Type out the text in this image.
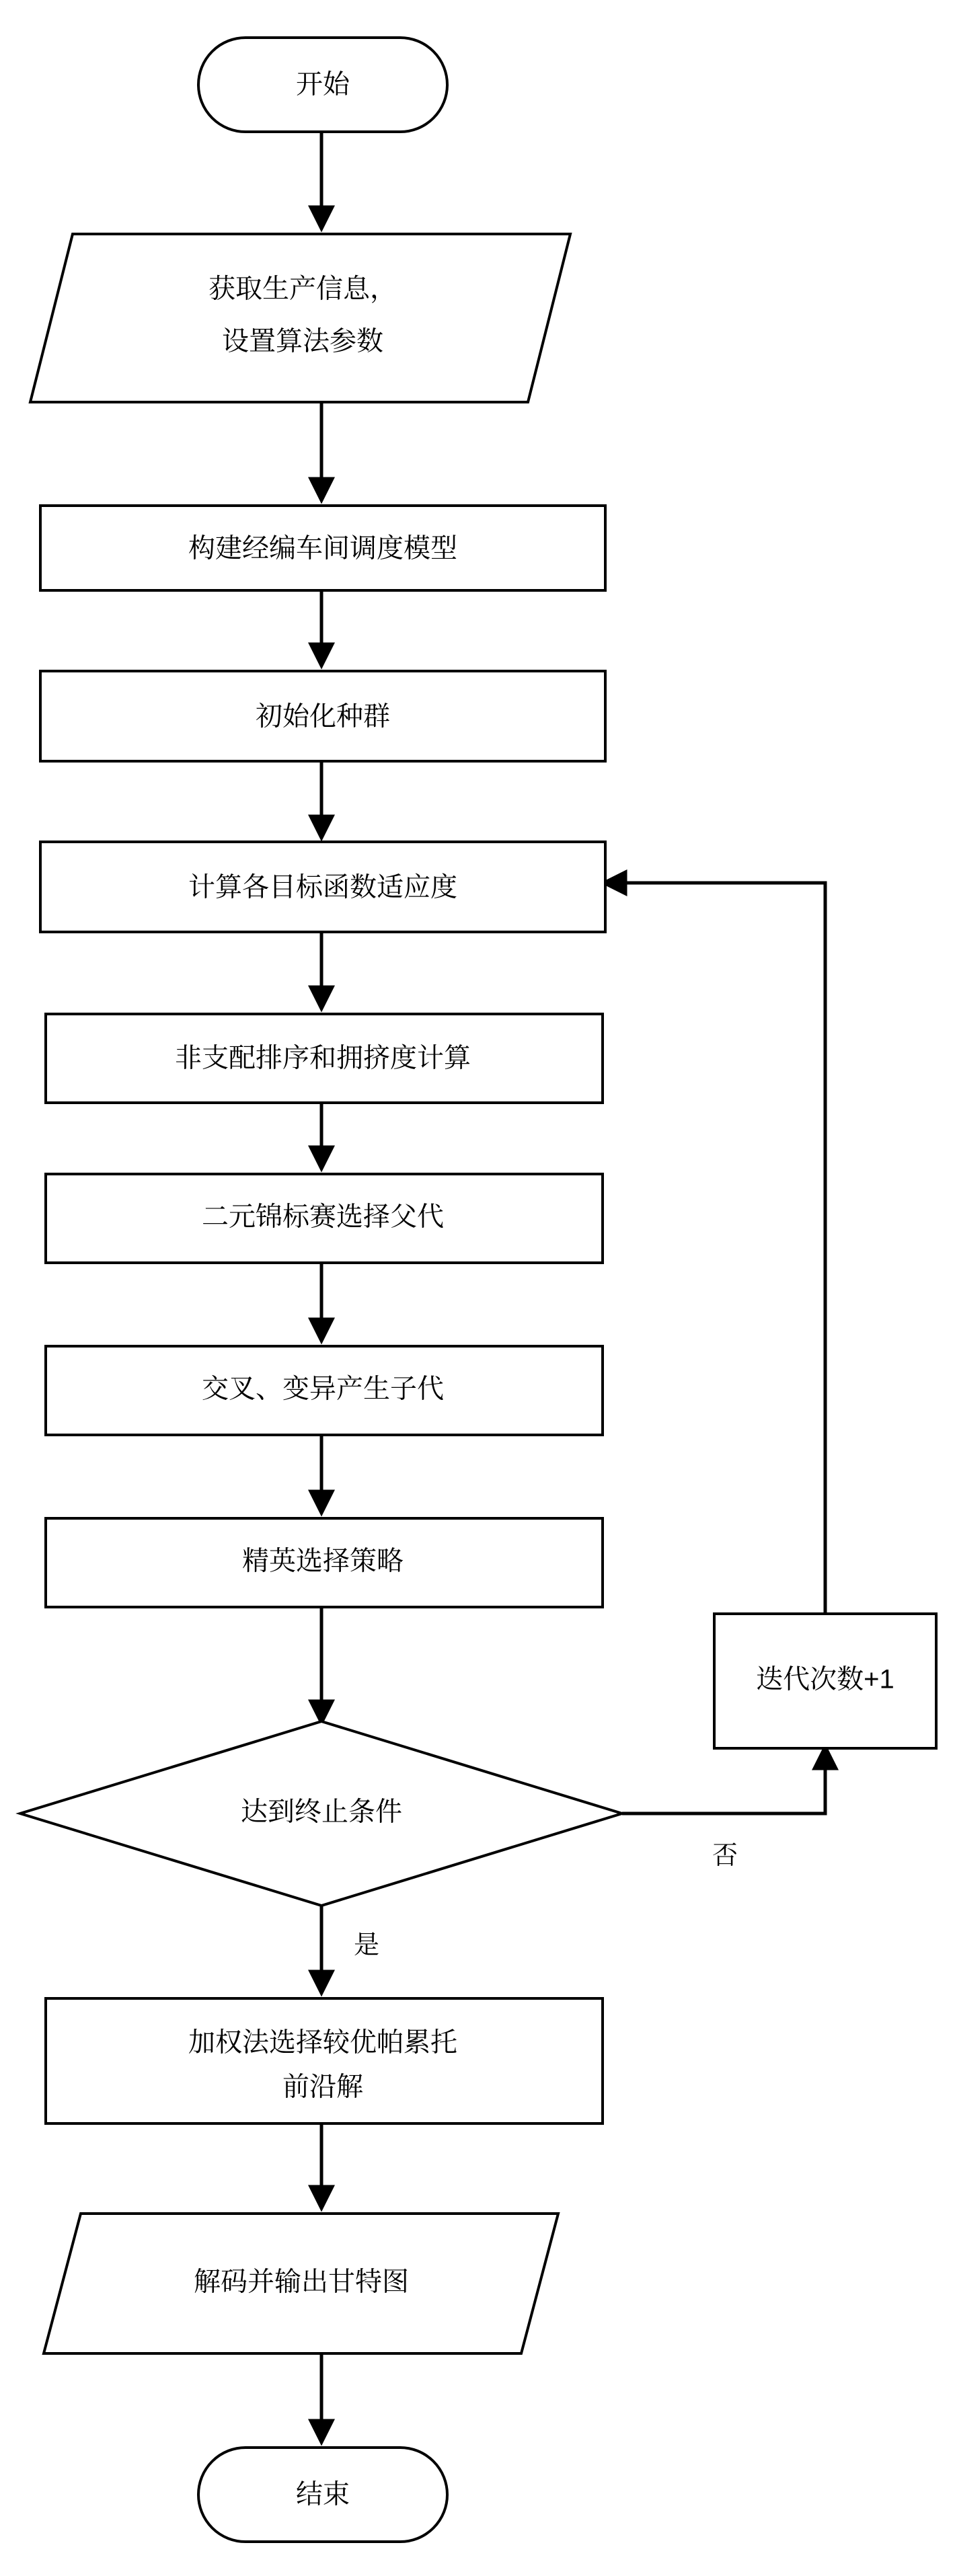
开始
获取生产信息，
设置算法参数
构建经编车间调度模型
初始化种群
计算各目标函数适应度
非支配排序和拥挤度计算
二元锦标赛选择父代
交叉、变异产生子代
精英选择策略
达到终止条件
迭代次数+1
加权法选择较优帕累托
前沿解
解码并输出甘特图
结束
否
是
